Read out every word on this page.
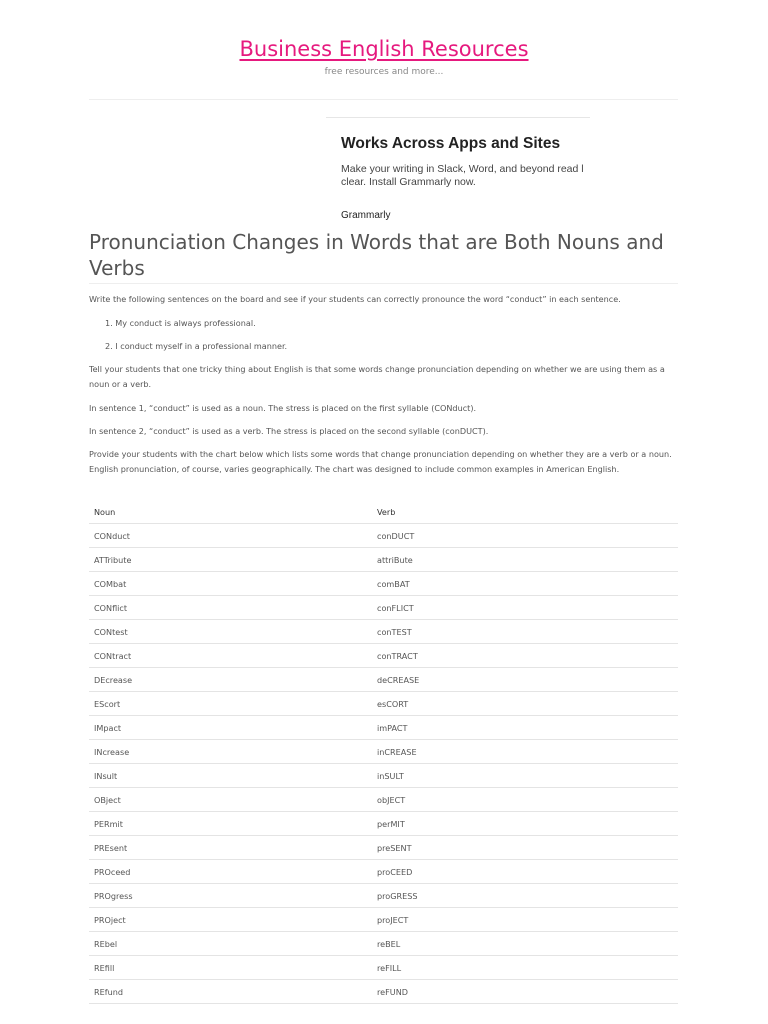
Business English Resources
free resources and more...
Works Across Apps and Sites
Make your writing in Slack, Word, and beyond read l
clear. Install Grammarly now.
Grammarly
Pronunciation Changes in Words that are Both Nouns and Verbs

Write the following sentences on the board and see if your students can correctly pronounce the word “conduct” in each sentence.

1. My conduct is always professional.
2. I conduct myself in a professional manner.

Tell your students that one tricky thing about English is that some words change pronunciation depending on whether we are using them as a noun or a verb.

In sentence 1, “conduct” is used as a noun. The stress is placed on the first syllable (CONduct).

In sentence 2, “conduct” is used as a verb. The stress is placed on the second syllable (conDUCT).

Provide your students with the chart below which lists some words that change pronunciation depending on whether they are a verb or a noun. English pronunciation, of course, varies geographically. The chart was designed to include common examples in American English.

Noun	Verb
CONduct	conDUCT
ATTribute	attriBute
COMbat	comBAT
CONflict	conFLICT
CONtest	conTEST
CONtract	conTRACT
DEcrease	deCREASE
EScort	esCORT
IMpact	imPACT
INcrease	inCREASE
INsult	inSULT
OBject	obJECT
PERmit	perMIT
PREsent	preSENT
PROceed	proCEED
PROgress	proGRESS
PROject	proJECT
REbel	reBEL
REfill	reFILL
REfund	reFUND
